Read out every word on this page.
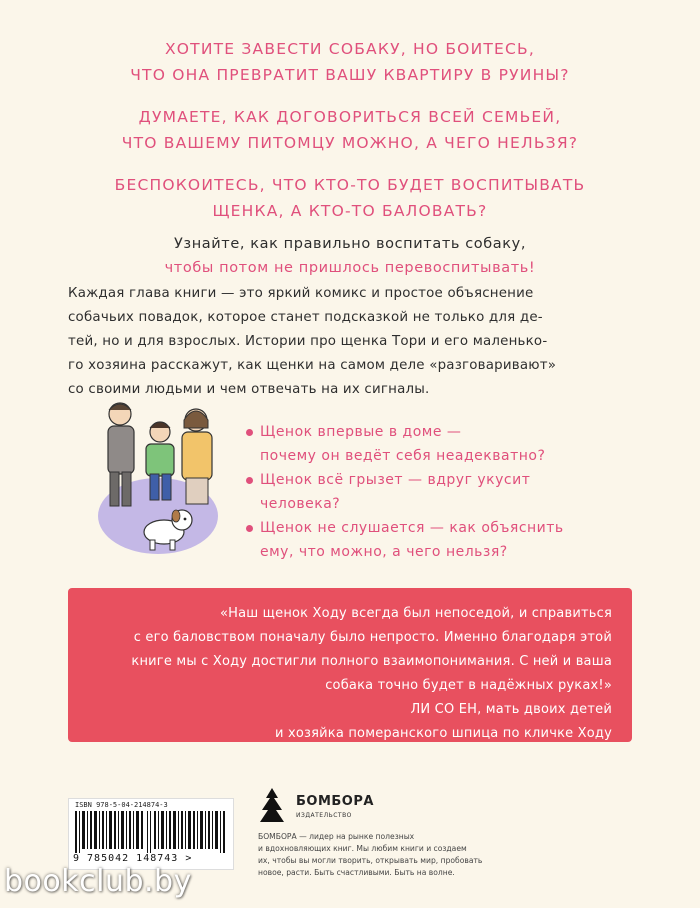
ХОТИТЕ ЗАВЕСТИ СОБАКУ, НО БОИТЕСЬ,
ЧТО ОНА ПРЕВРАТИТ ВАШУ КВАРТИРУ В РУИНЫ?
ДУМАЕТЕ, КАК ДОГОВОРИТЬСЯ ВСЕЙ СЕМЬЕЙ,
ЧТО ВАШЕМУ ПИТОМЦУ МОЖНО, А ЧЕГО НЕЛЬЗЯ?
БЕСПОКОИТЕСЬ, ЧТО КТО-ТО БУДЕТ ВОСПИТЫВАТЬ
ЩЕНКА, А КТО-ТО БАЛОВАТЬ?
Узнайте, как правильно воспитать собаку,
чтобы потом не пришлось перевоспитывать!
Каждая глава книги — это яркий комикс и простое объяснение
собачьих повадок, которое станет подсказкой не только для де-
тей, но и для взрослых. Истории про щенка Тори и его маленько-
го хозяина расскажут, как щенки на самом деле «разговаривают»
со своими людьми и чем отвечать на их сигналы.
Щенок впервые в доме —
почему он ведёт себя неадекватно?
Щенок всё грызет — вдруг укусит
человека?
Щенок не слушается — как объяснить
ему, что можно, а чего нельзя?
«Наш щенок Ходу всегда был непоседой, и справиться
с его баловством поначалу было непросто. Именно благодаря этой
книге мы с Ходу достигли полного взаимопонимания. С ней и ваша
собака точно будет в надёжных руках!»
ЛИ СО ЕН, мать двоих детей
и хозяйка померанского шпица по кличке Ходу
ISBN 978-5-04-214874-3
9 785042 148743 >
БОМБОРА
ИЗДАТЕЛЬСТВО
БОМБОРА — лидер на рынке полезных
и вдохновляющих книг. Мы любим книги и создаем
их, чтобы вы могли творить, открывать мир, пробовать
новое, расти. Быть счастливыми. Быть на волне.
bookclub.by
